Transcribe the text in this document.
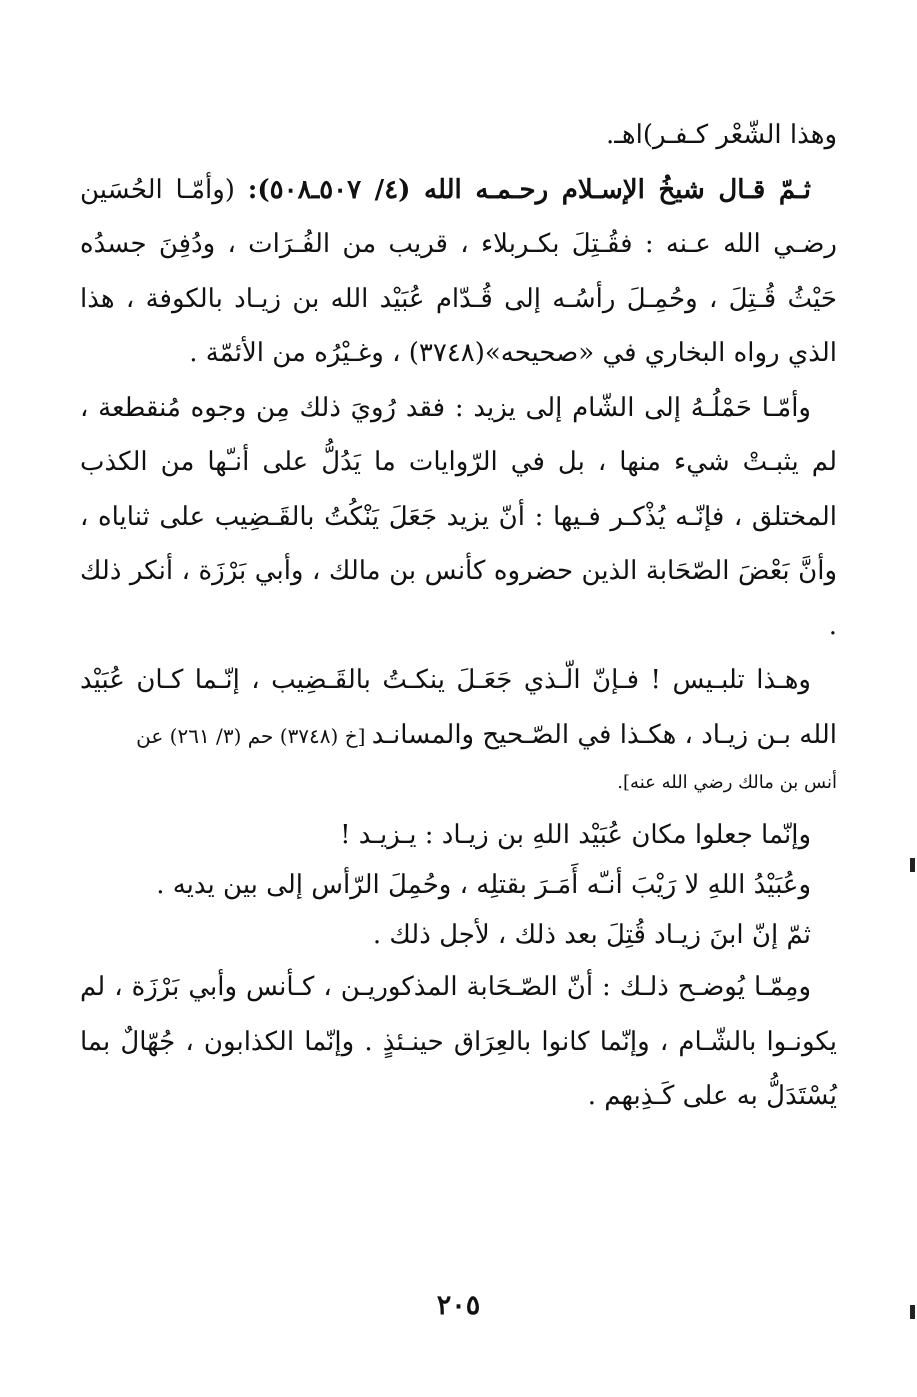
وهذا الشّعْر كـفـر)اهـ.

ثـمّ قـال شيخُ الإسـلام رحـمـه الله (٤/ ٥٠٧ـ٥٠٨): (وأمّـا الحُسَين رضـي الله عـنه : فقُـتِلَ بكـربلاء ، قريب من الفُـرَات ، ودُفِنَ جسدُه حَيْثُ قُـتِلَ ، وحُمِـلَ رأسُـه إلى قُـدّام عُبَيْد الله بن زيـاد بالكوفة ، هذا الذي رواه البخاري في «صحيحه»(٣٧٤٨) ، وغـيْرُه من الأئمّة .

وأمّـا حَمْلُـهُ إلى الشّام إلى يزيد : فقد رُويَ ذلك مِن وجوه مُنقطعة ، لم يثبـتْ شيء منها ، بل في الرّوايات ما يَدُلُّ على أنـّها من الكذب المختلق ، فإنّـه يُذْكـر فـيها : أنّ يزيد جَعَلَ يَنْكُتُ بالقَـضِيب على ثناياه ، وأنَّ بَعْضَ الصّحَابة الذين حضروه كأنس بن مالك ، وأبي بَرْزَة ، أنكر ذلك .

وهـذا تلبـيس ! فـإنّ الّـذي جَعَـلَ ينكـتُ بالقَـضِيب ، إنّـما كـان عُبَيْد الله بـن زيـاد ، هكـذا في الصّـحيح والمسانـد [خ (٣٧٤٨) حم (٣/ ٢٦١) عن

أنس بن مالك رضي الله عنه].

وإنّما جعلوا مكان عُبَيْد اللهِ بن زيـاد : يـزيـد !

وعُبَيْدُ اللهِ لا رَيْبَ أنـّه أَمَـرَ بقتلِه ، وحُمِلَ الرّأس إلى بين يديه .

ثمّ إنّ ابنَ زيـاد قُتِلَ بعد ذلك ، لأجل ذلك .

ومِمّـا يُوضـح ذلـك : أنّ الصّـحَابة المذكوريـن ، كـأنس وأبي بَرْزَة ، لم يكونـوا بالشّـام ، وإنّما كانوا بالعِرَاق حينـئذٍ . وإنّما الكذابون ، جُهّالٌ بما يُسْتَدَلُّ به على كَـذِبهم .

٢٠٥
